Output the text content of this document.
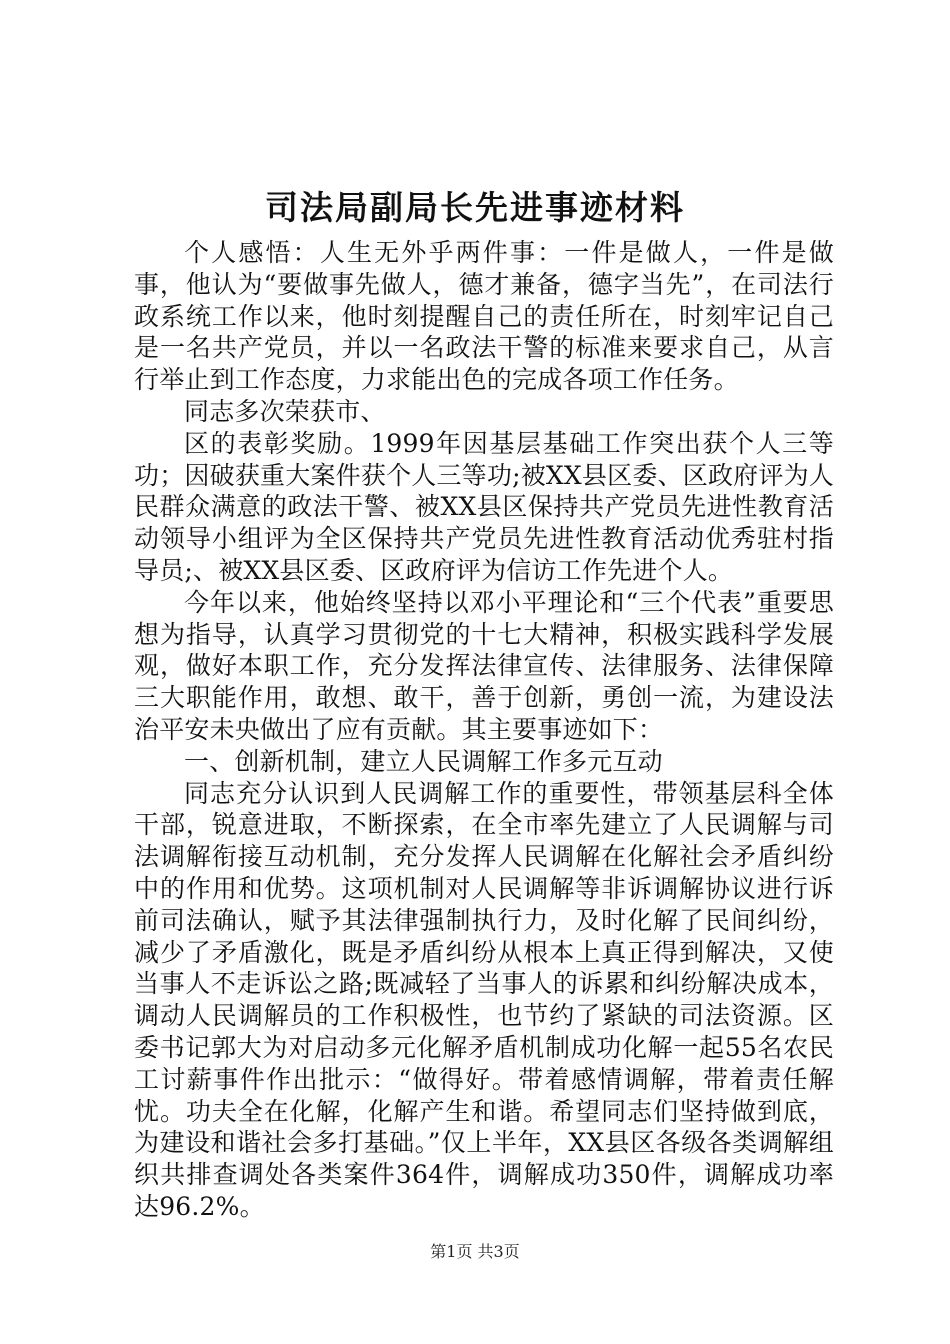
司法局副局长先进事迹材料

个人感悟：人生无外乎两件事：一件是做人，一件是做事，他认为“要做事先做人，德才兼备，德字当先”，在司法行政系统工作以来，他时刻提醒自己的责任所在，时刻牢记自己是一名共产党员，并以一名政法干警的标准来要求自己，从言行举止到工作态度，力求能出色的完成各项工作任务。

同志多次荣获市、

区的表彰奖励。1999年因基层基础工作突出获个人三等功；因破获重大案件获个人三等功;被XX县区委、区政府评为人民群众满意的政法干警、被XX县区保持共产党员先进性教育活动领导小组评为全区保持共产党员先进性教育活动优秀驻村指导员;、被XX县区委、区政府评为信访工作先进个人。

今年以来，他始终坚持以邓小平理论和“三个代表”重要思想为指导，认真学习贯彻党的十七大精神，积极实践科学发展观，做好本职工作，充分发挥法律宣传、法律服务、法律保障三大职能作用，敢想、敢干，善于创新，勇创一流，为建设法治平安未央做出了应有贡献。其主要事迹如下：

一、创新机制，建立人民调解工作多元互动

同志充分认识到人民调解工作的重要性，带领基层科全体干部，锐意进取，不断探索，在全市率先建立了人民调解与司法调解衔接互动机制，充分发挥人民调解在化解社会矛盾纠纷中的作用和优势。这项机制对人民调解等非诉调解协议进行诉前司法确认，赋予其法律强制执行力，及时化解了民间纠纷，减少了矛盾激化，既是矛盾纠纷从根本上真正得到解决，又使当事人不走诉讼之路;既减轻了当事人的诉累和纠纷解决成本，调动人民调解员的工作积极性，也节约了紧缺的司法资源。区委书记郭大为对启动多元化解矛盾机制成功化解一起55名农民工讨薪事件作出批示：“做得好。带着感情调解，带着责任解忧。功夫全在化解，化解产生和谐。希望同志们坚持做到底，为建设和谐社会多打基础。”仅上半年，XX县区各级各类调解组织共排查调处各类案件364件，调解成功350件，调解成功率达96.2%。

第1页 共3页
